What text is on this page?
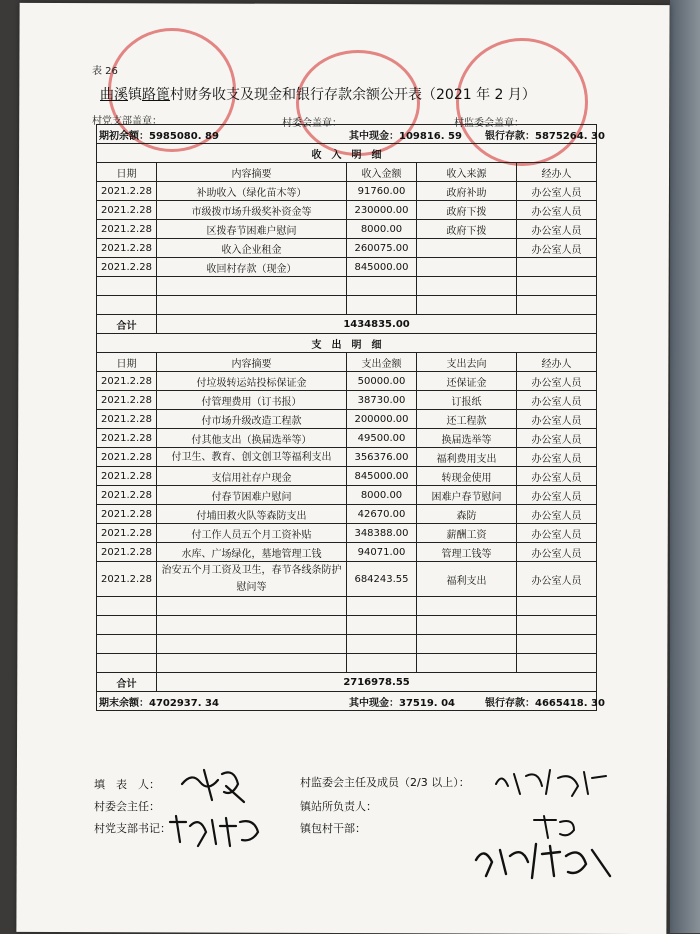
表 26
曲溪镇路篦村财务收支及现金和银行存款余额公开表（2021 年 2 月）
村党支部盖章：	村委会盖章：	村监委会盖章：
期初余额：5985080. 89 其中现金：109816. 59 银行存款：5875264. 30				

收　入　明　细				
日期	内容摘要	收入金额	收入来源	经办人
2021.2.28	补助收入（绿化苗木等）	91760.00	政府补助	办公室人员
2021.2.28	市级拨市场升级奖补资金等	230000.00	政府下拨	办公室人员
2021.2.28	区拨春节困难户慰问	8000.00	政府下拨	办公室人员
2021.2.28	收入企业租金	260075.00		办公室人员
2021.2.28	收回村存款（现金）	845000.00		

合计	1434835.00			
支　出　明　细				
日期	内容摘要	支出金额	支出去向	经办人
2021.2.28	付垃圾转运站投标保证金	50000.00	还保证金	办公室人员
2021.2.28	付管理费用（订书报）	38730.00	订报纸	办公室人员
2021.2.28	付市场升级改造工程款	200000.00	还工程款	办公室人员
2021.2.28	付其他支出（换届选举等）	49500.00	换届选举等	办公室人员
2021.2.28	付卫生、教育、创文创卫等福利支出	356376.00	福利费用支出	办公室人员
2021.2.28	支信用社存户现金	845000.00	转现金使用	办公室人员
2021.2.28	付春节困难户慰问	8000.00	困难户春节慰问	办公室人员
2021.2.28	付埔田救火队等森防支出	42670.00	森防	办公室人员
2021.2.28	付工作人员五个月工资补贴	348388.00	薪酬工资	办公室人员
2021.2.28	水库、广场绿化，墓地管理工钱	94071.00	管理工钱等	办公室人员
2021.2.28	治安五个月工资及卫生，春节各线条防护慰问等	684243.55	福利支出	办公室人员

合计	2716978.55			
期末余额：4702937. 34 其中现金：37519. 04 银行存款：4665418. 30				
填　表　人：
村委会主任：
村党支部书记：
村监委会主任及成员（2/3 以上）：
镇站所负责人：
镇包村干部：
